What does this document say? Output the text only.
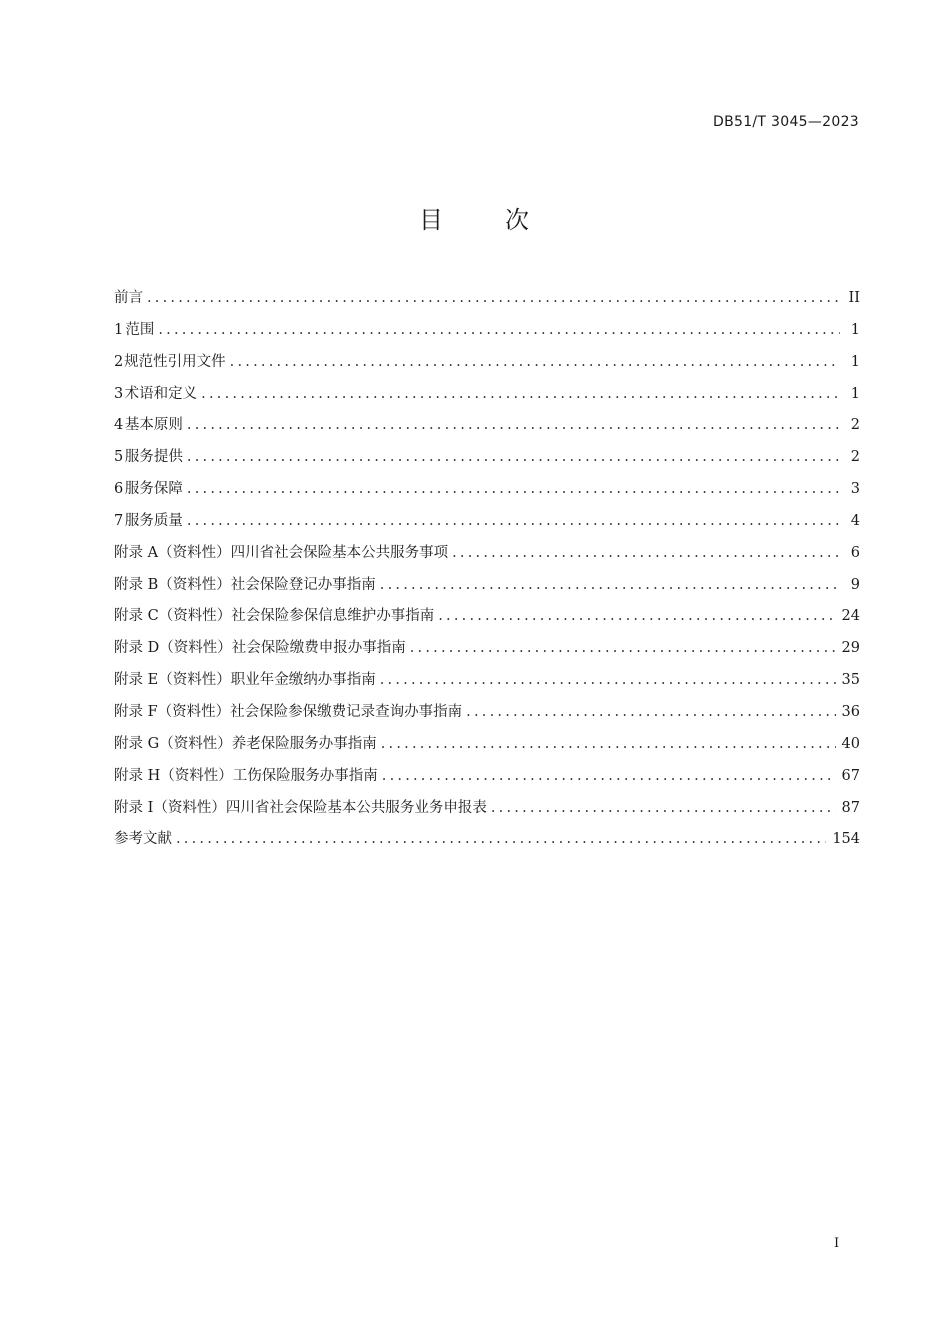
DB51/T 3045—2023
目	次
前言 .....	II
1 范围 .....	1
2 规范性引用文件 .....	1
3 术语和定义 .....	1
4 基本原则 .....	2
5 服务提供 .....	2
6 服务保障 .....	3
7 服务质量 .....	4
附录 A（资料性） 四川省社会保险基本公共服务事项 .....	6
附录 B（资料性） 社会保险登记办事指南 .....	9
附录 C（资料性） 社会保险参保信息维护办事指南 .....	24
附录 D（资料性） 社会保险缴费申报办事指南 .....	29
附录 E（资料性） 职业年金缴纳办事指南 .....	35
附录 F（资料性） 社会保险参保缴费记录查询办事指南 .....	36
附录 G（资料性） 养老保险服务办事指南 .....	40
附录 H（资料性） 工伤保险服务办事指南 .....	67
附录 I（资料性） 四川省社会保险基本公共服务业务申报表 .....	87
参考文献 .....	154
I
